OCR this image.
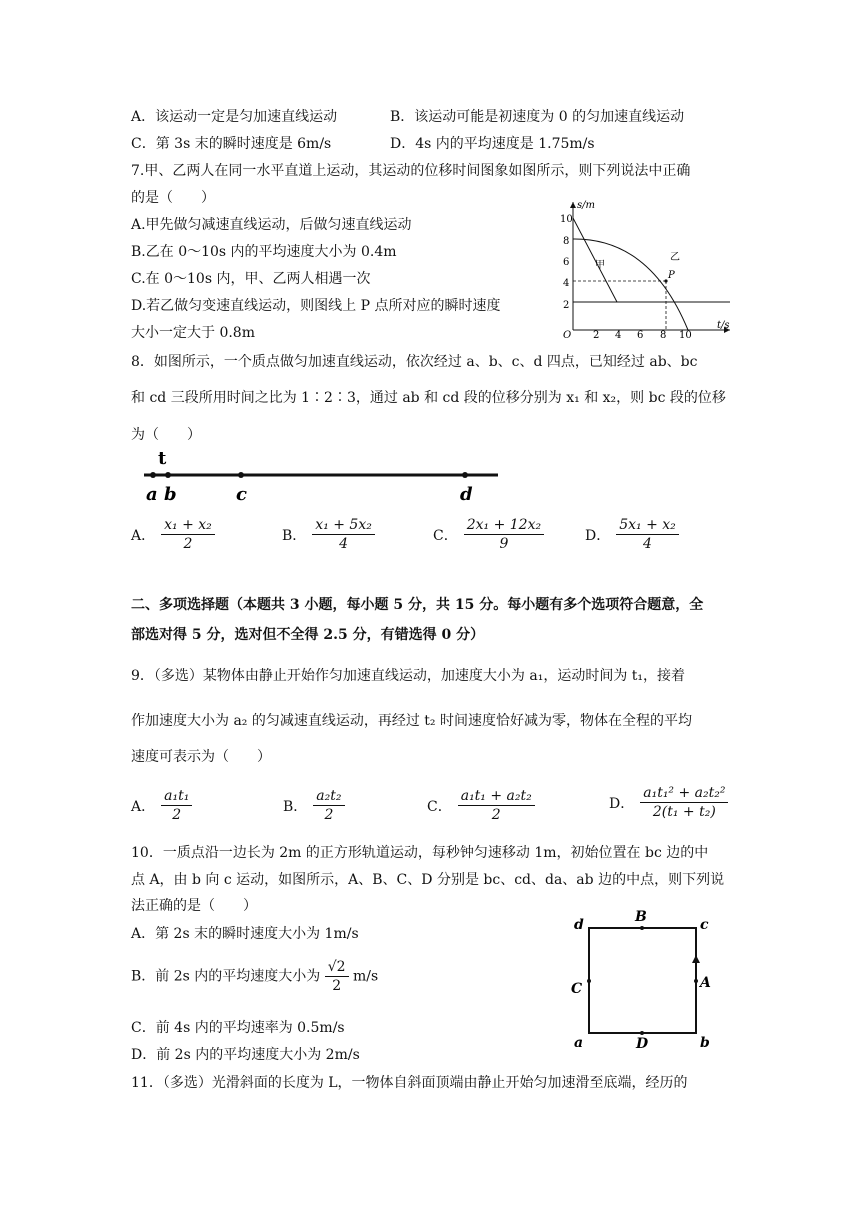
A．该运动一定是匀加速直线运动	B．该运动可能是初速度为 0 的匀加速直线运动
C．第 3s 末的瞬时速度是 6m/s	D．4s 内的平均速度是 1.75m/s
7.甲、乙两人在同一水平直道上运动，其运动的位移时间图象如图所示，则下列说法中正确
的是（　　）
A.甲先做匀减速直线运动，后做匀速直线运动
B.乙在 0～10s 内的平均速度大小为 0.4m
C.在 0～10s 内，甲、乙两人相遇一次
D.若乙做匀变速直线运动，则图线上 P 点所对应的瞬时速度
大小一定大于 0.8m
s/m
t/s
O
10
8
6
4
2
2 4 6 8 10
甲
乙
P
8．如图所示，一个质点做匀加速直线运动，依次经过 a、b、c、d 四点，已知经过 ab、bc
和 cd 三段所用时间之比为 1∶2∶3，通过 ab 和 cd 段的位移分别为 x₁ 和 x₂，则 bc 段的位移
为（　　）
t
a b	c	d
A． $\frac{\text{x₁ + x₂}}{2}$	B． $\frac{\text{x₁ + 5x₂}}{4}$	C． $\frac{\text{2x₁ + 12x₂}}{9}$	D． $\frac{\text{5x₁ + x₂}}{4}$
二、多项选择题（本题共 3 小题，每小题 5 分，共 15 分。每小题有多个选项符合题意，全
部选对得 5 分，选对但不全得 2.5 分，有错选得 0 分）
9．（多选）某物体由静止开始作匀加速直线运动，加速度大小为 a₁，运动时间为 t₁，接着
作加速度大小为 a₂ 的匀减速直线运动，再经过 t₂ 时间速度恰好减为零，物体在全程的平均
速度可表示为（　　）
A． $\frac{\text{a₁t₁}}{2}$	B． $\frac{\text{a₂t₂}}{2}$	C． $\frac{\text{a₁t₁ + a₂t₂}}{2}$	D． $\frac{\text{a₁t₁² + a₂t₂²}}{\text{2(t₁ + t₂)}}$
10．一质点沿一边长为 2m 的正方形轨道运动，每秒钟匀速移动 1m，初始位置在 bc 边的中
点 A，由 b 向 c 运动，如图所示，A、B、C、D 分别是 bc、cd、da、ab 边的中点，则下列说
法正确的是（　　）
A．第 2s 末的瞬时速度大小为 1m/s
B．前 2s 内的平均速度大小为 $\frac{√2}{2} m/s$
C．前 4s 内的平均速率为 0.5m/s
D．前 2s 内的平均速度大小为 2m/s
d	c
a	b
B
C
D
A
11．（多选）光滑斜面的长度为 L，一物体自斜面顶端由静止开始匀加速滑至底端，经历的
